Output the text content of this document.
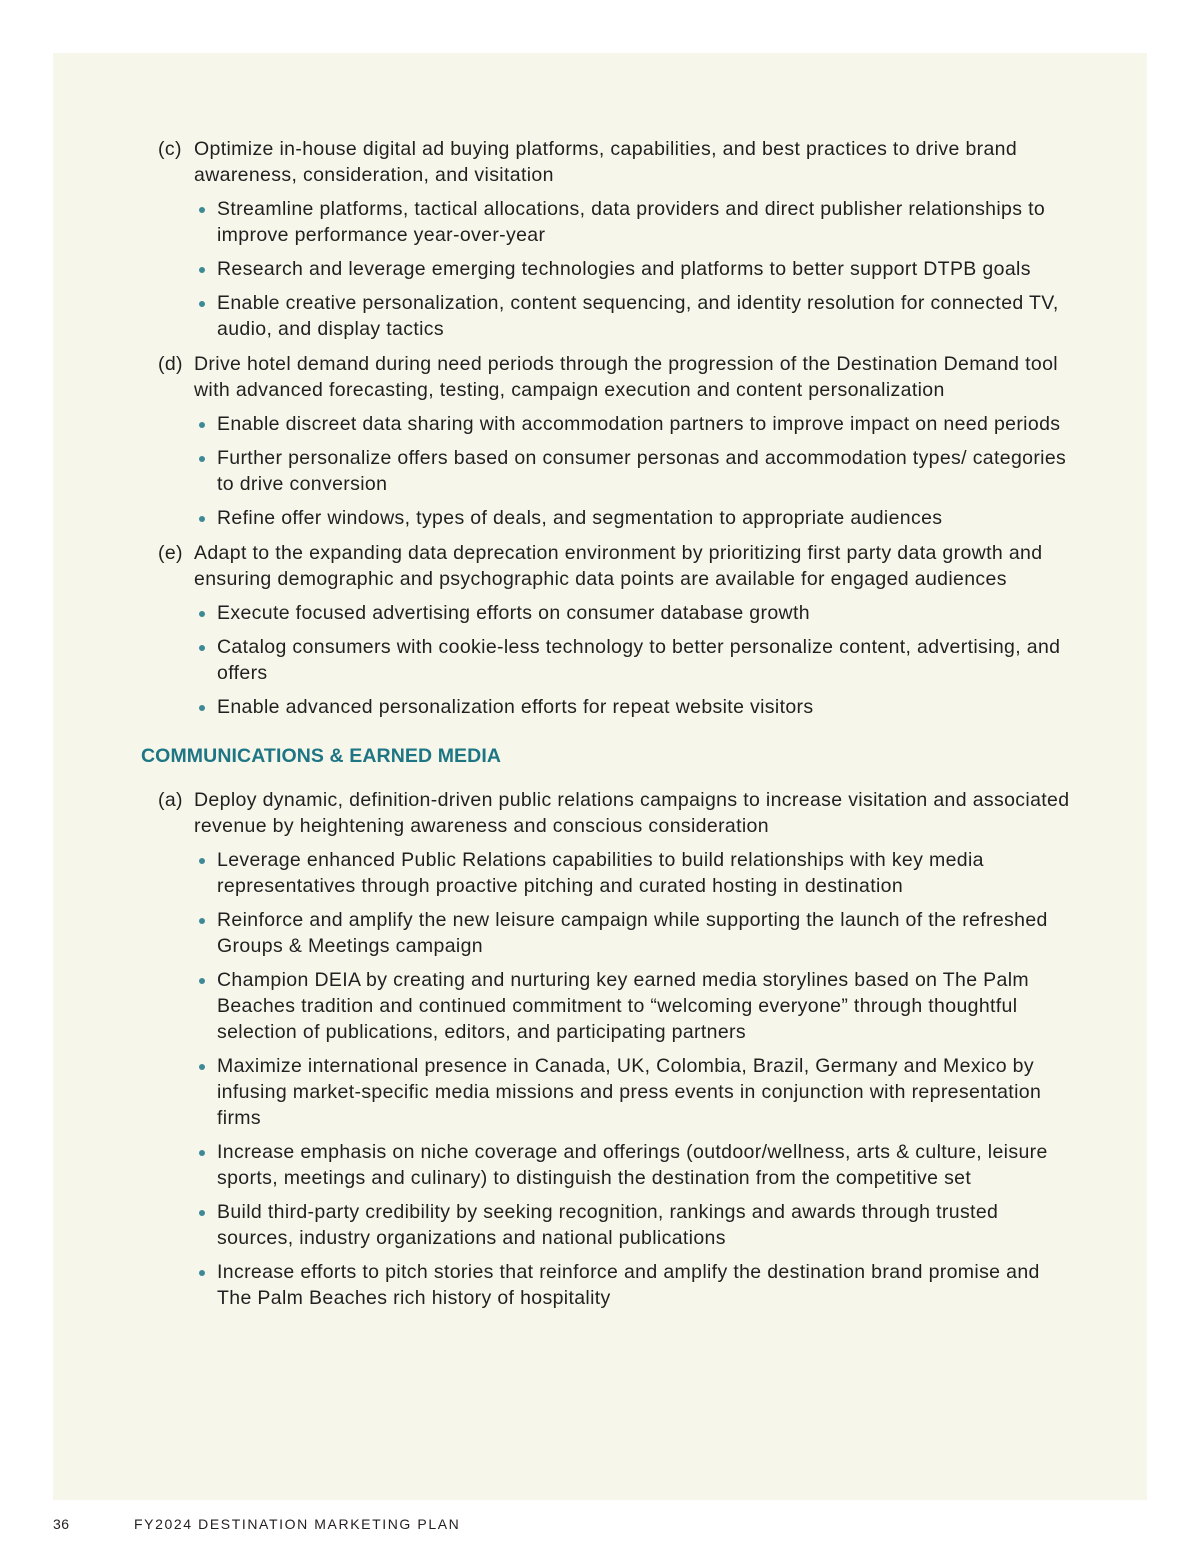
(c) Optimize in-house digital ad buying platforms, capabilities, and best practices to drive brand awareness, consideration, and visitation

Streamline platforms, tactical allocations, data providers and direct publisher relationships to improve performance year-over-year
Research and leverage emerging technologies and platforms to better support DTPB goals
Enable creative personalization, content sequencing, and identity resolution for connected TV, audio, and display tactics
(d) Drive hotel demand during need periods through the progression of the Destination Demand tool with advanced forecasting, testing, campaign execution and content personalization

Enable discreet data sharing with accommodation partners to improve impact on need periods
Further personalize offers based on consumer personas and accommodation types/ categories to drive conversion
Refine offer windows, types of deals, and segmentation to appropriate audiences
(e) Adapt to the expanding data deprecation environment by prioritizing first party data growth and ensuring demographic and psychographic data points are available for engaged audiences

Execute focused advertising efforts on consumer database growth
Catalog consumers with cookie-less technology to better personalize content, advertising, and offers
Enable advanced personalization efforts for repeat website visitors
COMMUNICATIONS & EARNED MEDIA
(a) Deploy dynamic, definition-driven public relations campaigns to increase visitation and associated revenue by heightening awareness and conscious consideration

Leverage enhanced Public Relations capabilities to build relationships with key media representatives through proactive pitching and curated hosting in destination
Reinforce and amplify the new leisure campaign while supporting the launch of the refreshed Groups & Meetings campaign
Champion DEIA by creating and nurturing key earned media storylines based on The Palm Beaches tradition and continued commitment to “welcoming everyone” through thoughtful selection of publications, editors, and participating partners
Maximize international presence in Canada, UK, Colombia, Brazil, Germany and Mexico by infusing market-specific media missions and press events in conjunction with representation firms
Increase emphasis on niche coverage and offerings (outdoor/wellness, arts & culture, leisure sports, meetings and culinary) to distinguish the destination from the competitive set
Build third-party credibility by seeking recognition, rankings and awards through trusted sources, industry organizations and national publications
Increase efforts to pitch stories that reinforce and amplify the destination brand promise and The Palm Beaches rich history of hospitality
36	FY2024 DESTINATION MARKETING PLAN
